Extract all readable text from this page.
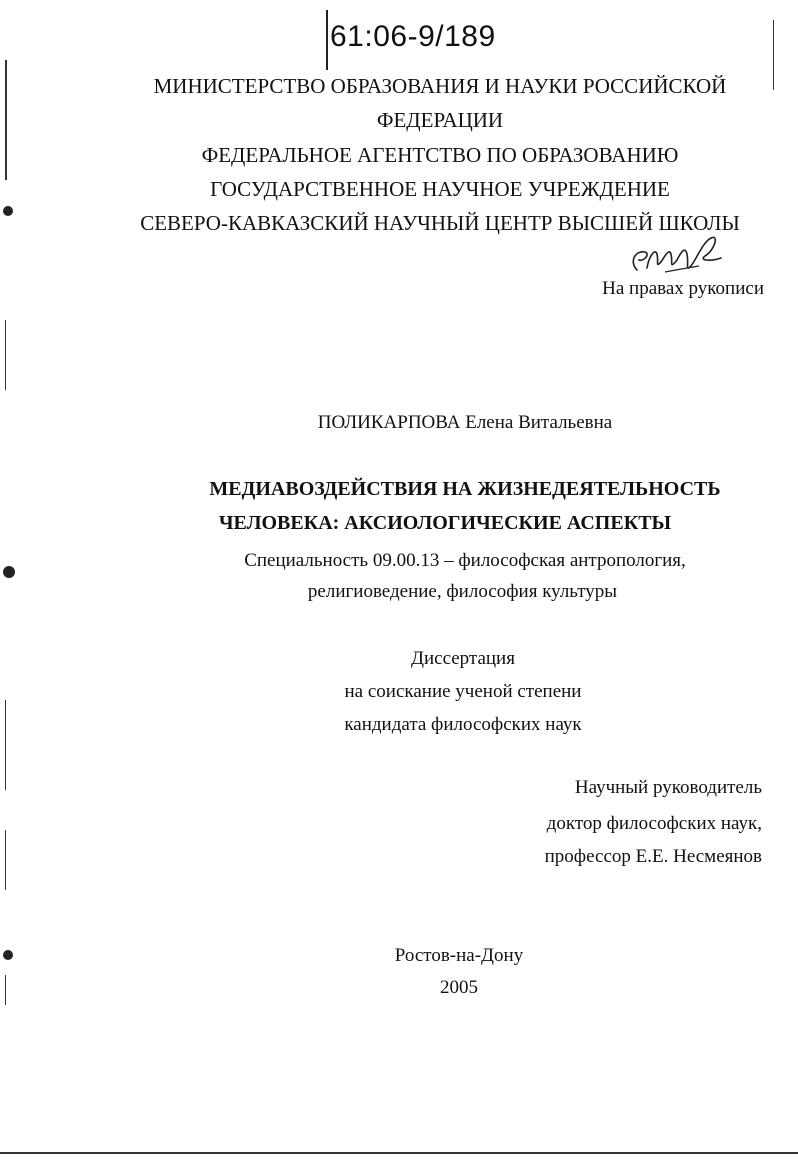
61:06-9/189
МИНИСТЕРСТВО ОБРАЗОВАНИЯ И НАУКИ РОССИЙСКОЙ
ФЕДЕРАЦИИ
ФЕДЕРАЛЬНОЕ АГЕНТСТВО ПО ОБРАЗОВАНИЮ
ГОСУДАРСТВЕННОЕ НАУЧНОЕ УЧРЕЖДЕНИЕ
СЕВЕРО-КАВКАЗСКИЙ НАУЧНЫЙ ЦЕНТР ВЫСШЕЙ ШКОЛЫ
На правах рукописи
ПОЛИКАРПОВА Елена Витальевна
МЕДИАВОЗДЕЙСТВИЯ НА ЖИЗНЕДЕЯТЕЛЬНОСТЬ
ЧЕЛОВЕКА: АКСИОЛОГИЧЕСКИЕ АСПЕКТЫ
Специальность 09.00.13 – философская антропология,
религиоведение, философия культуры
Диссертация
на соискание ученой степени
кандидата философских наук
Научный руководитель
доктор философских наук,
профессор Е.Е. Несмеянов
Ростов-на-Дону
2005
